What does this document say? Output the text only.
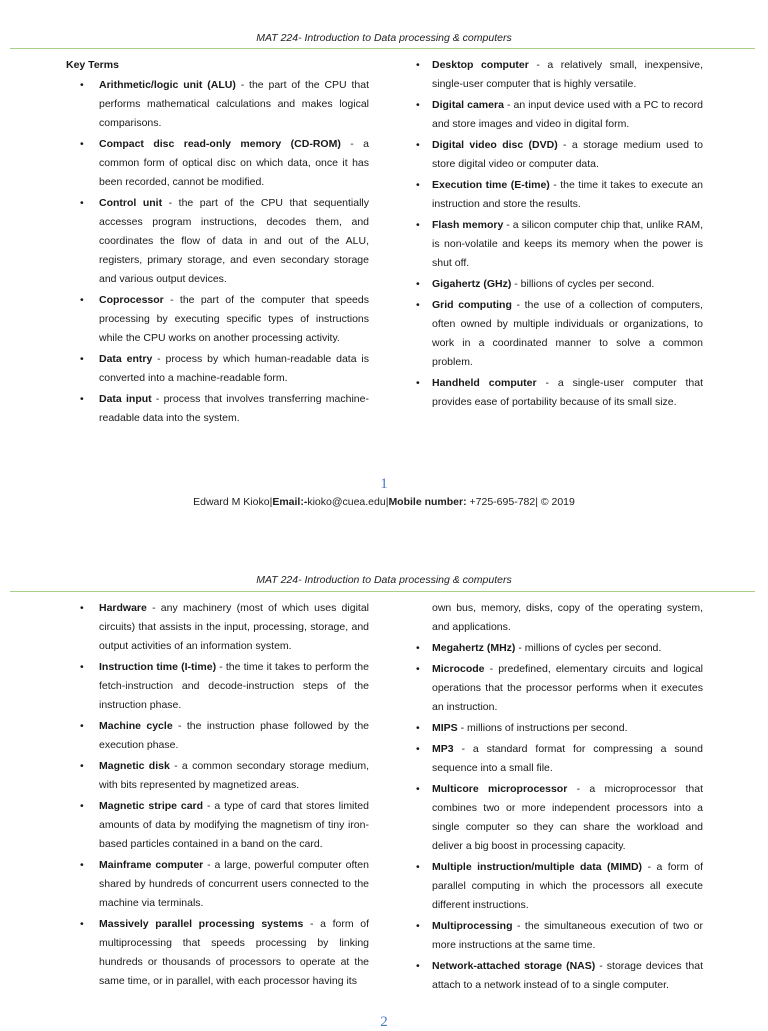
MAT 224- Introduction to Data processing & computers
Key Terms
• Arithmetic/logic unit (ALU) - the part of the CPU that performs mathematical calculations and makes logical comparisons.
• Compact disc read-only memory (CD-ROM) - a common form of optical disc on which data, once it has been recorded, cannot be modified.
• Control unit - the part of the CPU that sequentially accesses program instructions, decodes them, and coordinates the flow of data in and out of the ALU, registers, primary storage, and even secondary storage and various output devices.
• Coprocessor - the part of the computer that speeds processing by executing specific types of instructions while the CPU works on another processing activity.
• Data entry - process by which human-readable data is converted into a machine-readable form.
• Data input - process that involves transferring machine-readable data into the system.
• Desktop computer - a relatively small, inexpensive, single-user computer that is highly versatile.
• Digital camera - an input device used with a PC to record and store images and video in digital form.
• Digital video disc (DVD) - a storage medium used to store digital video or computer data.
• Execution time (E-time) - the time it takes to execute an instruction and store the results.
• Flash memory - a silicon computer chip that, unlike RAM, is non-volatile and keeps its memory when the power is shut off.
• Gigahertz (GHz) - billions of cycles per second.
• Grid computing - the use of a collection of computers, often owned by multiple individuals or organizations, to work in a coordinated manner to solve a common problem.
• Handheld computer - a single-user computer that provides ease of portability because of its small size.
1
Edward M Kioko|Email:-kioko@cuea.edu|Mobile number: +725-695-782| © 2019
MAT 224- Introduction to Data processing & computers
• Hardware - any machinery (most of which uses digital circuits) that assists in the input, processing, storage, and output activities of an information system.
• Instruction time (I-time) - the time it takes to perform the fetch-instruction and decode-instruction steps of the instruction phase.
• Machine cycle - the instruction phase followed by the execution phase.
• Magnetic disk - a common secondary storage medium, with bits represented by magnetized areas.
• Magnetic stripe card - a type of card that stores limited amounts of data by modifying the magnetism of tiny iron-based particles contained in a band on the card.
• Mainframe computer - a large, powerful computer often shared by hundreds of concurrent users connected to the machine via terminals.
• Massively parallel processing systems - a form of multiprocessing that speeds processing by linking hundreds or thousands of processors to operate at the same time, or in parallel, with each processor having its
own bus, memory, disks, copy of the operating system, and applications.
• Megahertz (MHz) - millions of cycles per second.
• Microcode - predefined, elementary circuits and logical operations that the processor performs when it executes an instruction.
• MIPS - millions of instructions per second.
• MP3 - a standard format for compressing a sound sequence into a small file.
• Multicore microprocessor - a microprocessor that combines two or more independent processors into a single computer so they can share the workload and deliver a big boost in processing capacity.
• Multiple instruction/multiple data (MIMD) - a form of parallel computing in which the processors all execute different instructions.
• Multiprocessing - the simultaneous execution of two or more instructions at the same time.
• Network-attached storage (NAS) - storage devices that attach to a network instead of to a single computer.
2
